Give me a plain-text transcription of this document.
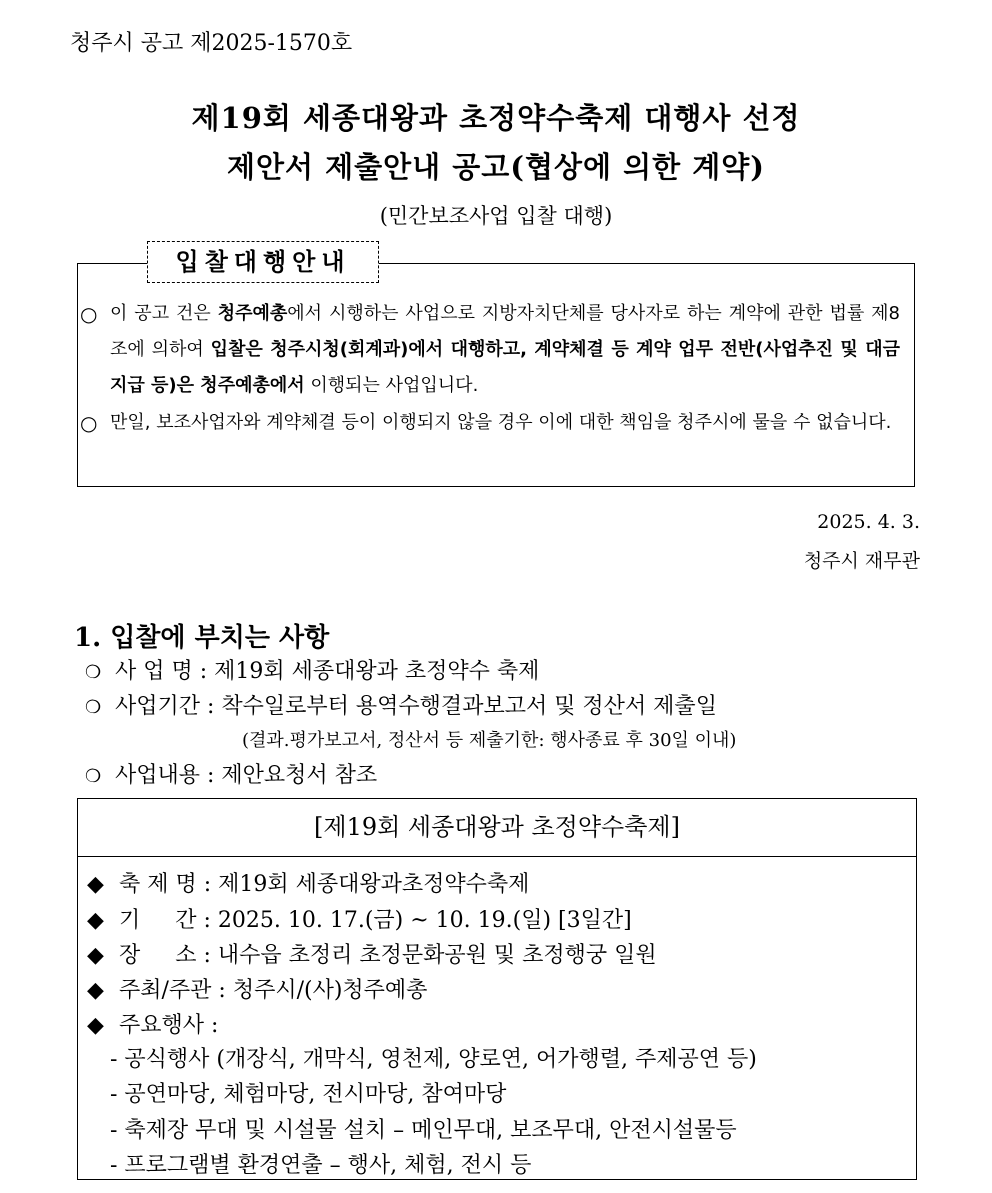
청주시 공고 제2025-1570호
제19회 세종대왕과 초정약수축제 대행사 선정
제안서 제출안내 공고(협상에 의한 계약)
(민간보조사업 입찰 대행)
입찰대행안내
○ 이 공고 건은 청주예총에서 시행하는 사업으로 지방자치단체를 당사자로 하는 계약에 관한 법률 제8조에 의하여 입찰은 청주시청(회계과)에서 대행하고, 계약체결 등 계약 업무 전반(사업추진 및 대금지급 등)은 청주예총에서 이행되는 사업입니다.
○ 만일, 보조사업자와 계약체결 등이 이행되지 않을 경우 이에 대한 책임을 청주시에 물을 수 없습니다.
2025. 4. 3.
청주시 재무관
1. 입찰에 부치는 사항
❍ 사 업 명 : 제19회 세종대왕과 초정약수 축제
❍ 사업기간 : 착수일로부터 용역수행결과보고서 및 정산서 제출일
(결과.평가보고서, 정산서 등 제출기한: 행사종료 후 30일 이내)
❍ 사업내용 : 제안요청서 참조
[제19회 세종대왕과 초정약수축제]
◆ 축 제 명 : 제19회 세종대왕과초정약수축제
◆ 기     간 : 2025. 10. 17.(금) ~ 10. 19.(일) [3일간]
◆ 장     소 : 내수읍 초정리 초정문화공원 및 초정행궁 일원
◆ 주최/주관 : 청주시/(사)청주예총
◆ 주요행사 :
- 공식행사 (개장식, 개막식, 영천제, 양로연, 어가행렬, 주제공연 등)
- 공연마당, 체험마당, 전시마당, 참여마당
- 축제장 무대 및 시설물 설치 – 메인무대, 보조무대, 안전시설물등
- 프로그램별 환경연출 – 행사, 체험, 전시 등
